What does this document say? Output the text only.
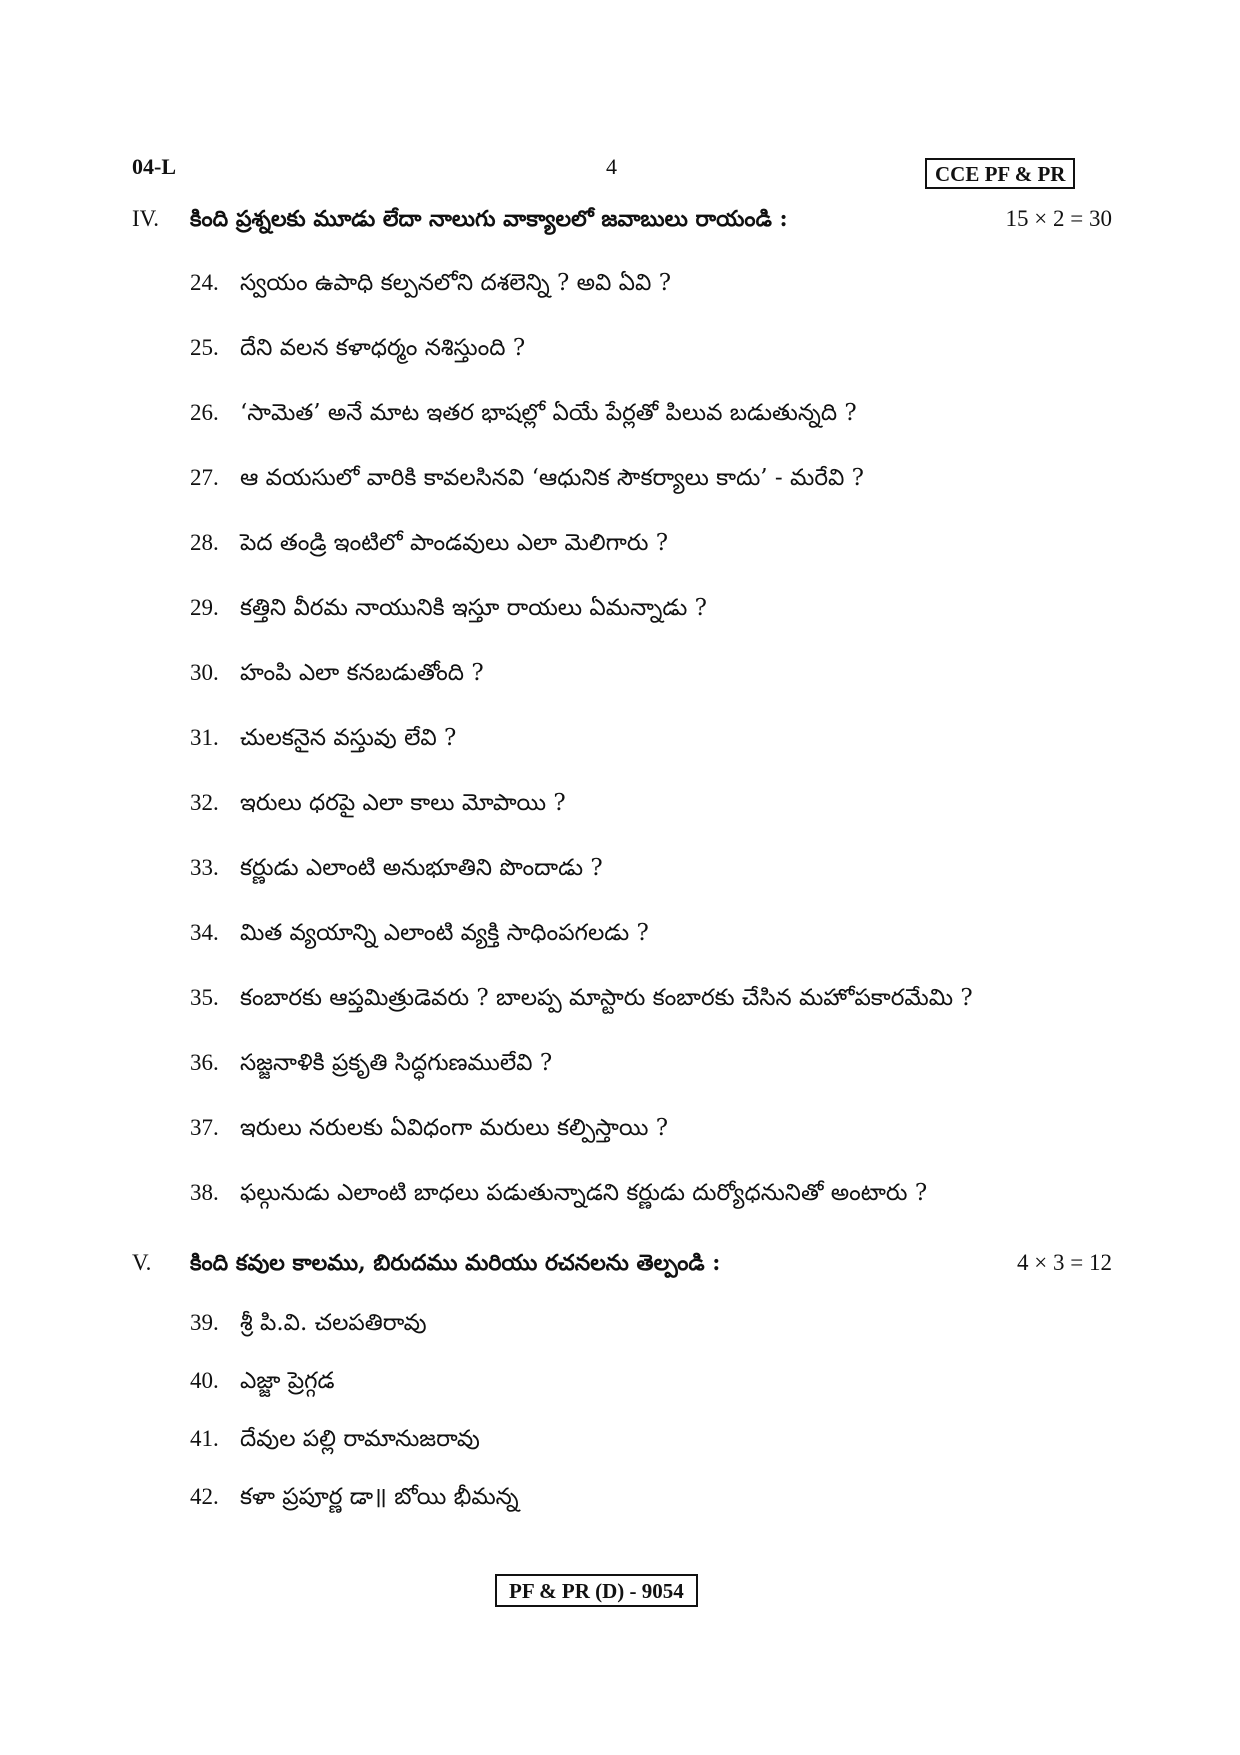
04-L	4	CCE PF & PR
IV. కింది ప్రశ్నలకు మూడు లేదా నాలుగు వాక్యాలలో జవాబులు రాయండి :	15 × 2 = 30
24. స్వయం ఉపాధి కల్పనలోని దశలెన్ని ? అవి ఏవి ?
25. దేని వలన కళాధర్మం నశిస్తుంది ?
26. ‘సామెత’ అనే మాట ఇతర భాషల్లో ఏయే పేర్లతో పిలువ బడుతున్నది ?
27. ఆ వయసులో వారికి కావలసినవి ‘ఆధునిక సౌకర్యాలు కాదు’ - మరేవి ?
28. పెద తండ్రి ఇంటిలో పాండవులు ఎలా మెలిగారు ?
29. కత్తిని వీరమ నాయునికి ఇస్తూ రాయలు ఏమన్నాడు ?
30. హంపి ఎలా కనబడుతోంది ?
31. చులకనైన వస్తువు లేవి ?
32. ఇరులు ధరపై ఎలా కాలు మోపాయి ?
33. కర్ణుడు ఎలాంటి అనుభూతిని పొందాడు ?
34. మిత వ్యయాన్ని ఎలాంటి వ్యక్తి సాధింపగలడు ?
35. కంబారకు ఆప్తమిత్రుడెవరు ? బాలప్ప మాస్టారు కంబారకు చేసిన మహోపకారమేమి ?
36. సజ్జనాళికి ప్రకృతి సిద్ధగుణములేవి ?
37. ఇరులు నరులకు ఏవిధంగా మరులు కల్పిస్తాయి ?
38. ఫల్గునుడు ఎలాంటి బాధలు పడుతున్నాడని కర్ణుడు దుర్యోధనునితో అంటారు ?
V. కింది కవుల కాలము, బిరుదము మరియు రచనలను తెల్పండి :	4 × 3 = 12
39. శ్రీ పి.వి. చలపతిరావు
40. ఎజ్జా ప్రెగ్గడ
41. దేవుల పల్లి రామానుజరావు
42. కళా ప్రపూర్ణ డా॥ బోయి భీమన్న
PF & PR (D) - 9054
